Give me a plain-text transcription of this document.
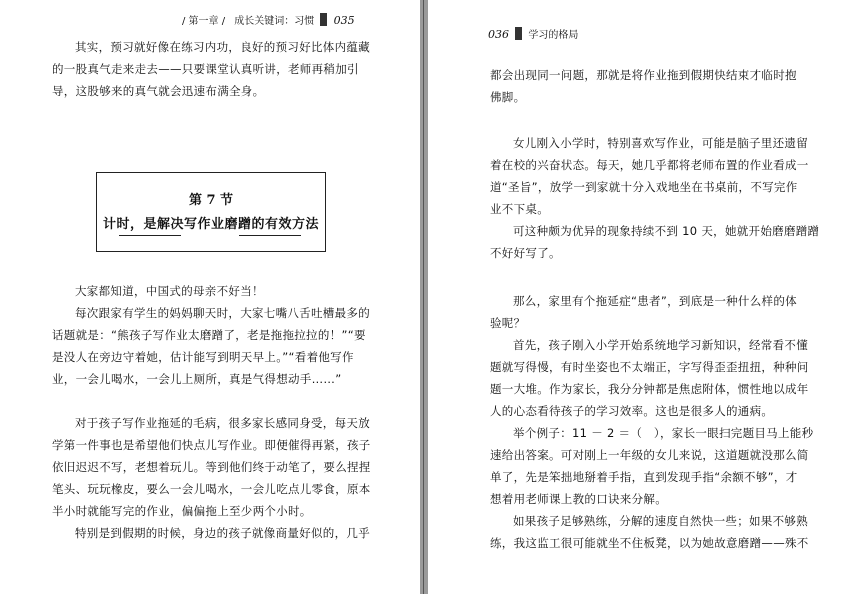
/ 第一章 / 成长关键词：习惯 035
其实，预习就好像在练习内功，良好的预习好比体内蕴藏
的一股真气走来走去——只要课堂认真听讲，老师再稍加引
导，这股够来的真气就会迅速布满全身。
第 7 节
计时，是解决写作业磨蹭的有效方法
大家都知道，中国式的母亲不好当！
每次跟家有学生的妈妈聊天时，大家七嘴八舌吐槽最多的
话题就是：“熊孩子写作业太磨蹭了，老是拖拖拉拉的！”“要
是没人在旁边守着她，估计能写到明天早上。”“看着他写作
业，一会儿喝水，一会儿上厕所，真是气得想动手……”
对于孩子写作业拖延的毛病，很多家长感同身受，每天放
学第一件事也是希望他们快点儿写作业。即便催得再紧，孩子
依旧迟迟不写，老想着玩儿。等到他们终于动笔了，要么捏捏
笔头、玩玩橡皮，要么一会儿喝水，一会儿吃点儿零食，原本
半小时就能写完的作业，偏偏拖上至少两个小时。
特别是到假期的时候，身边的孩子就像商量好似的，几乎
036 学习的格局
都会出现同一问题，那就是将作业拖到假期快结束才临时抱
佛脚。
女儿刚入小学时，特别喜欢写作业，可能是脑子里还遗留
着在校的兴奋状态。每天，她几乎都将老师布置的作业看成一
道“圣旨”，放学一到家就十分入戏地坐在书桌前，不写完作
业不下桌。
可这种颇为优异的现象持续不到 10 天，她就开始磨磨蹭蹭
不好好写了。
那么，家里有个拖延症“患者”，到底是一种什么样的体
验呢？
首先，孩子刚入小学开始系统地学习新知识，经常看不懂
题就写得慢，有时坐姿也不太端正，字写得歪歪扭扭，种种问
题一大堆。作为家长，我分分钟都是焦虑附体，惯性地以成年
人的心态看待孩子的学习效率。这也是很多人的通病。
举个例子：11 － 2 ＝（　），家长一眼扫完题目马上能秒
速给出答案。可对刚上一年级的女儿来说，这道题就没那么简
单了，先是笨拙地掰着手指，直到发现手指“余额不够”，才
想着用老师课上教的口诀来分解。
如果孩子足够熟练，分解的速度自然快一些；如果不够熟
练，我这监工很可能就坐不住板凳，以为她故意磨蹭——殊不
